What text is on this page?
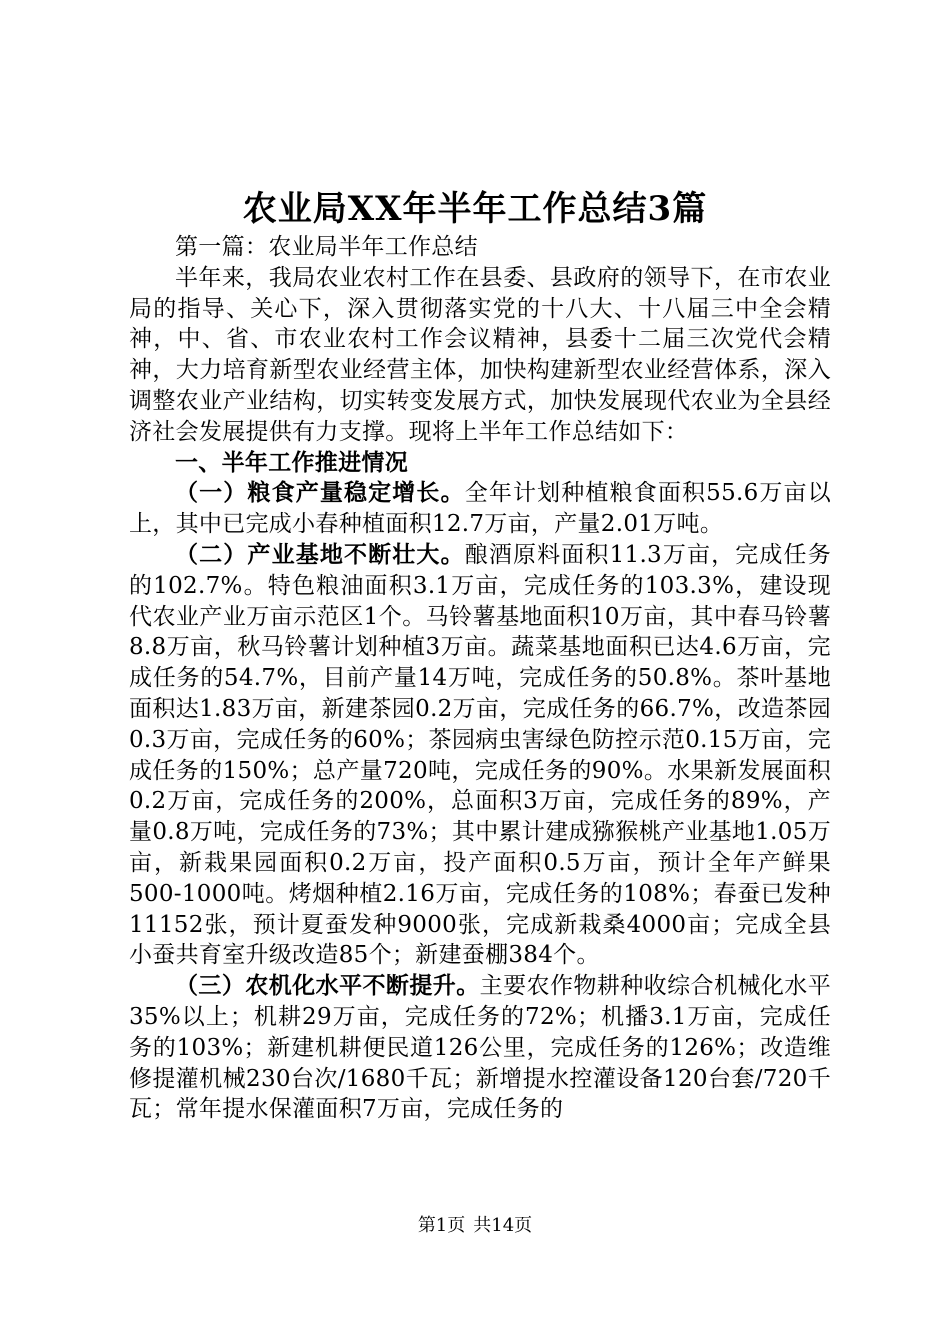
农业局XX年半年工作总结3篇

第一篇：农业局半年工作总结

半年来，我局农业农村工作在县委、县政府的领导下，在市农业局的指导、关心下，深入贯彻落实党的十八大、十八届三中全会精神，中、省、市农业农村工作会议精神，县委十二届三次党代会精神，大力培育新型农业经营主体，加快构建新型农业经营体系，深入调整农业产业结构，切实转变发展方式，加快发展现代农业为全县经济社会发展提供有力支撑。现将上半年工作总结如下：

一、半年工作推进情况

（一）粮食产量稳定增长。全年计划种植粮食面积55.6万亩以上，其中已完成小春种植面积12.7万亩，产量2.01万吨。

（二）产业基地不断壮大。酿酒原料面积11.3万亩，完成任务的102.7%。特色粮油面积3.1万亩，完成任务的103.3%，建设现代农业产业万亩示范区1个。马铃薯基地面积10万亩，其中春马铃薯8.8万亩，秋马铃薯计划种植3万亩。蔬菜基地面积已达4.6万亩，完成任务的54.7%，目前产量14万吨，完成任务的50.8%。茶叶基地面积达1.83万亩，新建茶园0.2万亩，完成任务的66.7%，改造茶园0.3万亩，完成任务的60%；茶园病虫害绿色防控示范0.15万亩，完成任务的150%；总产量720吨，完成任务的90%。水果新发展面积0.2万亩，完成任务的200%，总面积3万亩，完成任务的89%，产量0.8万吨，完成任务的73%；其中累计建成猕猴桃产业基地1.05万亩，新栽果园面积0.2万亩，投产面积0.5万亩，预计全年产鲜果500-1000吨。烤烟种植2.16万亩，完成任务的108%；春蚕已发种11152张，预计夏蚕发种9000张，完成新栽桑4000亩；完成全县小蚕共育室升级改造85个；新建蚕棚384个。

（三）农机化水平不断提升。主要农作物耕种收综合机械化水平35%以上；机耕29万亩，完成任务的72%；机播3.1万亩，完成任务的103%；新建机耕便民道126公里，完成任务的126%；改造维修提灌机械230台次/1680千瓦；新增提水控灌设备120台套/720千瓦；常年提水保灌面积7万亩，完成任务的

第1页 共14页
